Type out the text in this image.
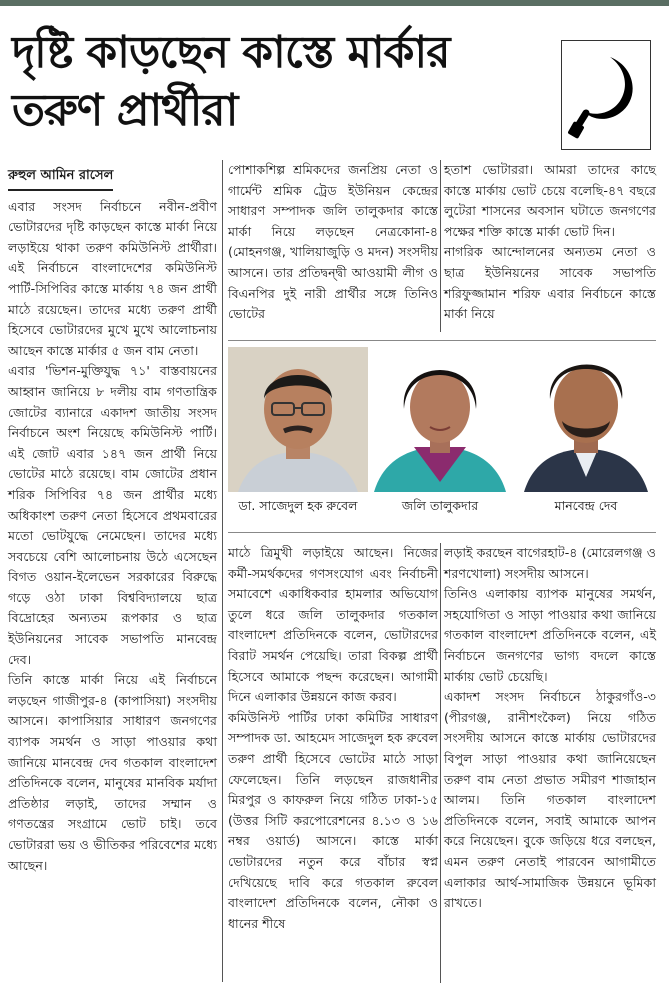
দৃষ্টি কাড়ছেন কাস্তে মার্কার
তরুণ প্রার্থীরা
রুহুল আমিন রাসেল

এবার সংসদ নির্বাচনে নবীন-প্রবীণ ভোটারদের দৃষ্টি কাড়ছেন কাস্তে মার্কা নিয়ে লড়াইয়ে থাকা তরুণ কমিউনিস্ট প্রার্থীরা। এই নির্বাচনে বাংলাদেশের কমিউনিস্ট পার্টি-সিপিবির কাস্তে মার্কায় ৭৪ জন প্রার্থী মাঠে রয়েছেন। তাদের মধ্যে তরুণ প্রার্থী হিসেবে ভোটারদের মুখে মুখে আলোচনায় আছেন কাস্তে মার্কার ৫ জন বাম নেতা।

এবার 'ভিশন-মুক্তিযুদ্ধ ৭১' বাস্তবায়নের আহ্বান জানিয়ে ৮ দলীয় বাম গণতান্ত্রিক জোটের ব্যানারে একাদশ জাতীয় সংসদ নির্বাচনে অংশ নিয়েছে কমিউনিস্ট পার্টি। এই জোট এবার ১৪৭ জন প্রার্থী নিয়ে ভোটের মাঠে রয়েছে। বাম জোটের প্রধান শরিক সিপিবির ৭৪ জন প্রার্থীর মধ্যে অধিকাংশ তরুণ নেতা হিসেবে প্রথমবারের মতো ভোটযুদ্ধে নেমেছেন। তাদের মধ্যে সবচেয়ে বেশি আলোচনায় উঠে এসেছেন বিগত ওয়ান-ইলেভেন সরকারের বিরুদ্ধে গড়ে ওঠা ঢাকা বিশ্ববিদ্যালয়ে ছাত্র বিদ্রোহের অন্যতম রূপকার ও ছাত্র ইউনিয়নের সাবেক সভাপতি মানবেন্দ্র দেব।

তিনি কাস্তে মার্কা নিয়ে এই নির্বাচনে লড়ছেন গাজীপুর-৪ (কাপাসিয়া) সংসদীয় আসনে। কাপাসিয়ার সাধারণ জনগণের ব্যাপক সমর্থন ও সাড়া পাওয়ার কথা জানিয়ে মানবেন্দ্র দেব গতকাল বাংলাদেশ প্রতিদিনকে বলেন, মানুষের মানবিক মর্যাদা প্রতিষ্ঠার লড়াই, তাদের সম্মান ও গণতন্ত্রের সংগ্রামে ভোট চাই। তবে ভোটাররা ভয় ও ভীতিকর পরিবেশের মধ্যে আছেন।

পোশাকশিল্প শ্রমিকদের জনপ্রিয় নেতা ও গার্মেন্ট শ্রমিক ট্রেড ইউনিয়ন কেন্দ্রের সাধারণ সম্পাদক জলি তালুকদার কাস্তে মার্কা নিয়ে লড়ছেন নেত্রকোনা-৪ (মোহনগঞ্জ, খালিয়াজুড়ি ও মদন) সংসদীয় আসনে। তার প্রতিদ্বন্দ্বী আওয়ামী লীগ ও বিএনপির দুই নারী প্রার্থীর সঙ্গে তিনিও ভোটের

হতাশ ভোটাররা। আমরা তাদের কাছে কাস্তে মার্কায় ভোট চেয়ে বলেছি-৪৭ বছরে লুটেরা শাসনের অবসান ঘটাতে জনগণের পক্ষের শক্তি কাস্তে মার্কা ভোট দিন।

নাগরিক আন্দোলনের অন্যতম নেতা ও ছাত্র ইউনিয়নের সাবেক সভাপতি শরিফুজ্জামান শরিফ এবার নির্বাচনে কাস্তে মার্কা নিয়ে

ডা. সাজেদুল হক রুবেল	জলি তালুকদার	মানবেন্দ্র দেব

মাঠে ত্রিমুখী লড়াইয়ে আছেন। নিজের কর্মী-সমর্থকদের গণসংযোগ এবং নির্বাচনী সমাবেশে একাধিকবার হামলার অভিযোগ তুলে ধরে জলি তালুকদার গতকাল বাংলাদেশ প্রতিদিনকে বলেন, ভোটারদের বিরাট সমর্থন পেয়েছি। তারা বিকল্প প্রার্থী হিসেবে আমাকে পছন্দ করেছেন। আগামী দিনে এলাকার উন্নয়নে কাজ করব।

কমিউনিস্ট পার্টির ঢাকা কমিটির সাধারণ সম্পাদক ডা. আহমেদ সাজেদুল হক রুবেল তরুণ প্রার্থী হিসেবে ভোটের মাঠে সাড়া ফেলেছেন। তিনি লড়ছেন রাজধানীর মিরপুর ও কাফরুল নিয়ে গঠিত ঢাকা-১৫ (উত্তর সিটি করপোরেশনের ৪.১৩ ও ১৬ নম্বর ওয়ার্ড) আসনে। কাস্তে মার্কা ভোটারদের নতুন করে বাঁচার স্বপ্ন দেখিয়েছে দাবি করে গতকাল রুবেল বাংলাদেশ প্রতিদিনকে বলেন, নৌকা ও ধানের শীষে

লড়াই করছেন বাগেরহাট-৪ (মোরেলগঞ্জ ও শরণখোলা) সংসদীয় আসনে।

তিনিও এলাকায় ব্যাপক মানুষের সমর্থন, সহযোগিতা ও সাড়া পাওয়ার কথা জানিয়ে গতকাল বাংলাদেশ প্রতিদিনকে বলেন, এই নির্বাচনে জনগণের ভাগ্য বদলে কাস্তে মার্কায় ভোট চেয়েছি।

একাদশ সংসদ নির্বাচনে ঠাকুরগাঁও-৩ (পীরগঞ্জ, রানীশংকৈল) নিয়ে গঠিত সংসদীয় আসনে কাস্তে মার্কায় ভোটারদের বিপুল সাড়া পাওয়ার কথা জানিয়েছেন তরুণ বাম নেতা প্রভাত সমীরণ শাজাহান আলম। তিনি গতকাল বাংলাদেশ প্রতিদিনকে বলেন, সবাই আমাকে আপন করে নিয়েছেন। বুকে জড়িয়ে ধরে বলছেন, এমন তরুণ নেতাই পারবেন আগামীতে এলাকার আর্থ-সামাজিক উন্নয়নে ভূমিকা রাখতে।
